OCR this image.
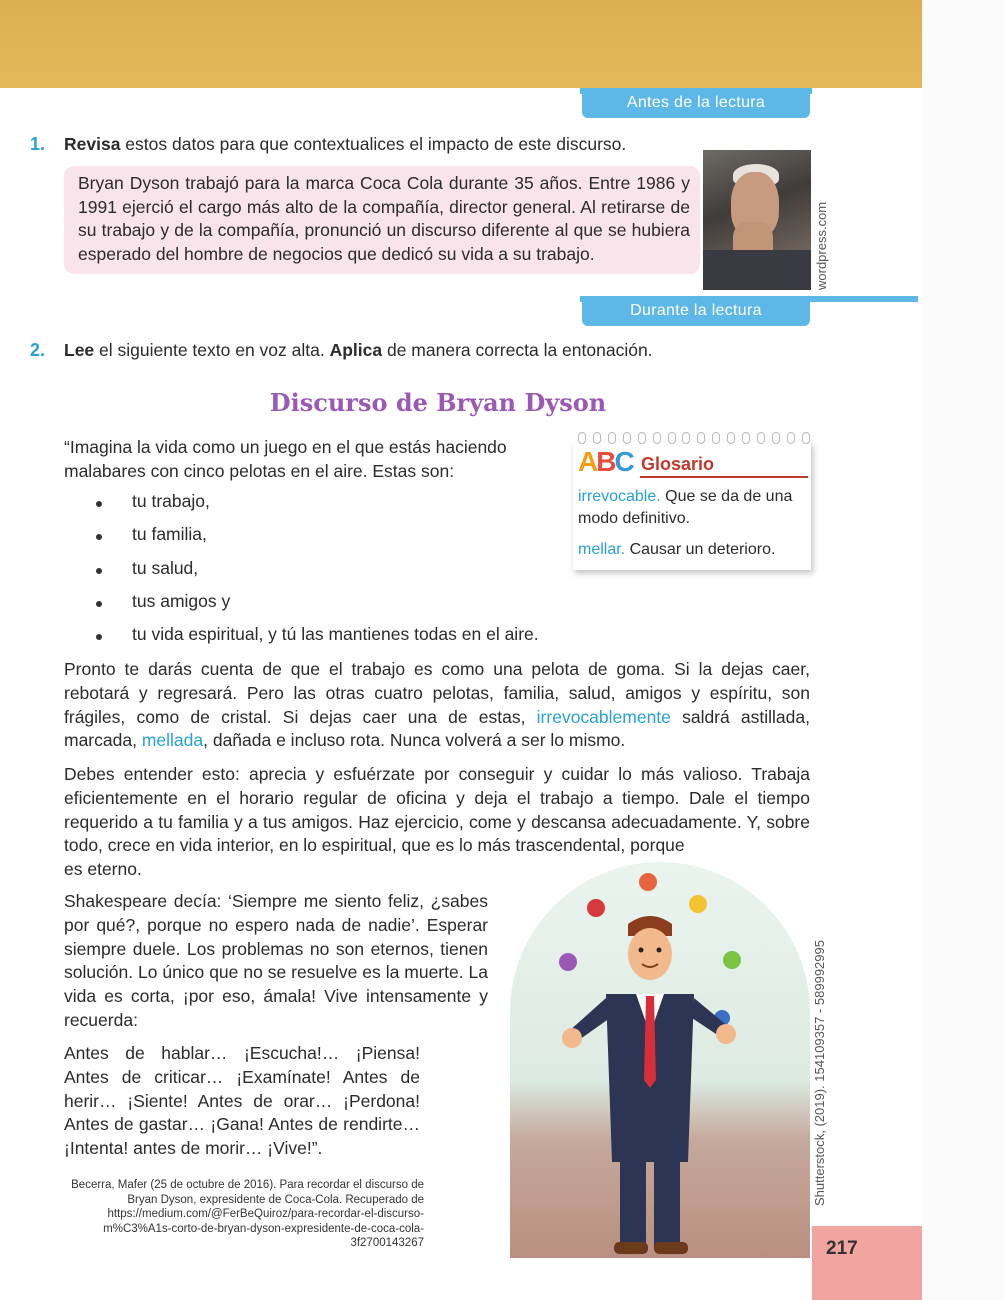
Antes de la lectura
1. Revisa estos datos para que contextualices el impacto de este discurso.
Bryan Dyson trabajó para la marca Coca Cola durante 35 años. Entre 1986 y 1991 ejerció el cargo más alto de la compañía, director general. Al retirarse de su trabajo y de la compañía, pronunció un discurso diferente al que se hubiera esperado del hombre de negocios que dedicó su vida a su trabajo.	wordpress.com
Durante la lectura
2. Lee el siguiente texto en voz alta. Aplica de manera correcta la entonación.
Discurso de Bryan Dyson
“Imagina la vida como un juego en el que estás haciendo malabares con cinco pelotas en el aire. Estas son:
tu trabajo,
tu familia,
tu salud,
tus amigos y
tu vida espiritual, y tú las mantienes todas en el aire.
ABC Glosario
irrevocable. Que se da de una modo definitivo.
mellar. Causar un deterioro.
Pronto te darás cuenta de que el trabajo es como una pelota de goma. Si la dejas caer, rebotará y regresará. Pero las otras cuatro pelotas, familia, salud, amigos y espíritu, son frágiles, como de cristal. Si dejas caer una de estas, irrevocablemente saldrá astillada, marcada, mellada, dañada e incluso rota. Nunca volverá a ser lo mismo.
Debes entender esto: aprecia y esfuérzate por conseguir y cuidar lo más valioso. Trabaja eficientemente en el horario regular de oficina y deja el trabajo a tiempo. Dale el tiempo requerido a tu familia y a tus amigos. Haz ejercicio, come y descansa adecuadamente. Y, sobre todo, crece en vida interior, en lo espiritual, que es lo más trascendental, porque
es eterno.
Shutterstock, (2019). 154109357 - 589992995
Shakespeare decía: ‘Siempre me siento feliz, ¿sabes por qué?, porque no espero nada de nadie’. Esperar siempre duele. Los problemas no son eternos, tienen solución. Lo único que no se resuelve es la muerte. La vida es corta, ¡por eso, ámala! Vive intensamente y recuerda:
Antes de hablar… ¡Escucha!… ¡Piensa! Antes de criticar… ¡Examínate! Antes de herir… ¡Siente! Antes de orar… ¡Perdona! Antes de gastar… ¡Gana! Antes de rendirte… ¡Intenta! antes de morir… ¡Vive!”.
Becerra, Mafer (25 de octubre de 2016). Para recordar el discurso de Bryan Dyson, expresidente de Coca-Cola. Recuperado de https://medium.com/@FerBeQuiroz/para-recordar-el-discurso-m%C3%A1s-corto-de-bryan-dyson-expresidente-de-coca-cola-3f2700143267	217
